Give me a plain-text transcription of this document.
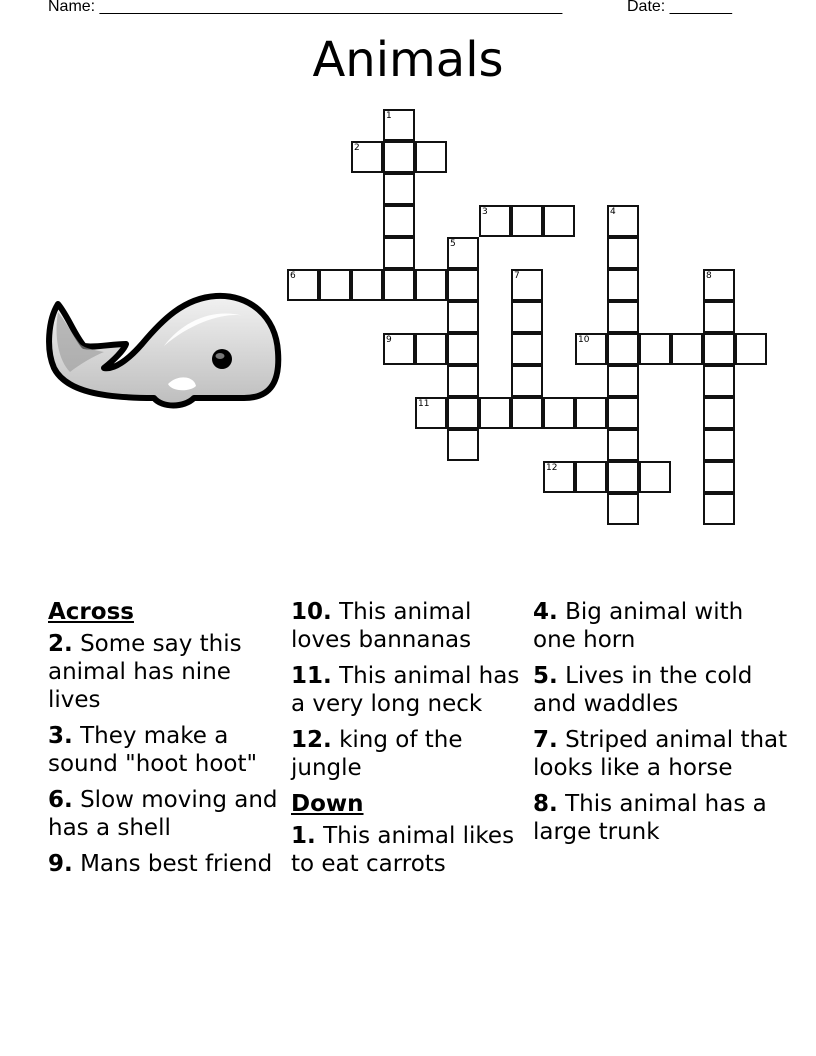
Name: ____________________________________________________	Date: _______
Animals
1
2
3	4
5
6	7	8
9	10
11
12
Across
2. Some say this animal has nine lives
3. They make a sound "hoot hoot"
6. Slow moving and has a shell
9. Mans best friend
10. This animal loves bannanas
11. This animal has a very long neck
12. king of the jungle
Down
1. This animal likes to eat carrots
4. Big animal with one horn
5. Lives in the cold and waddles
7. Striped animal that looks like a horse
8. This animal has a large trunk
